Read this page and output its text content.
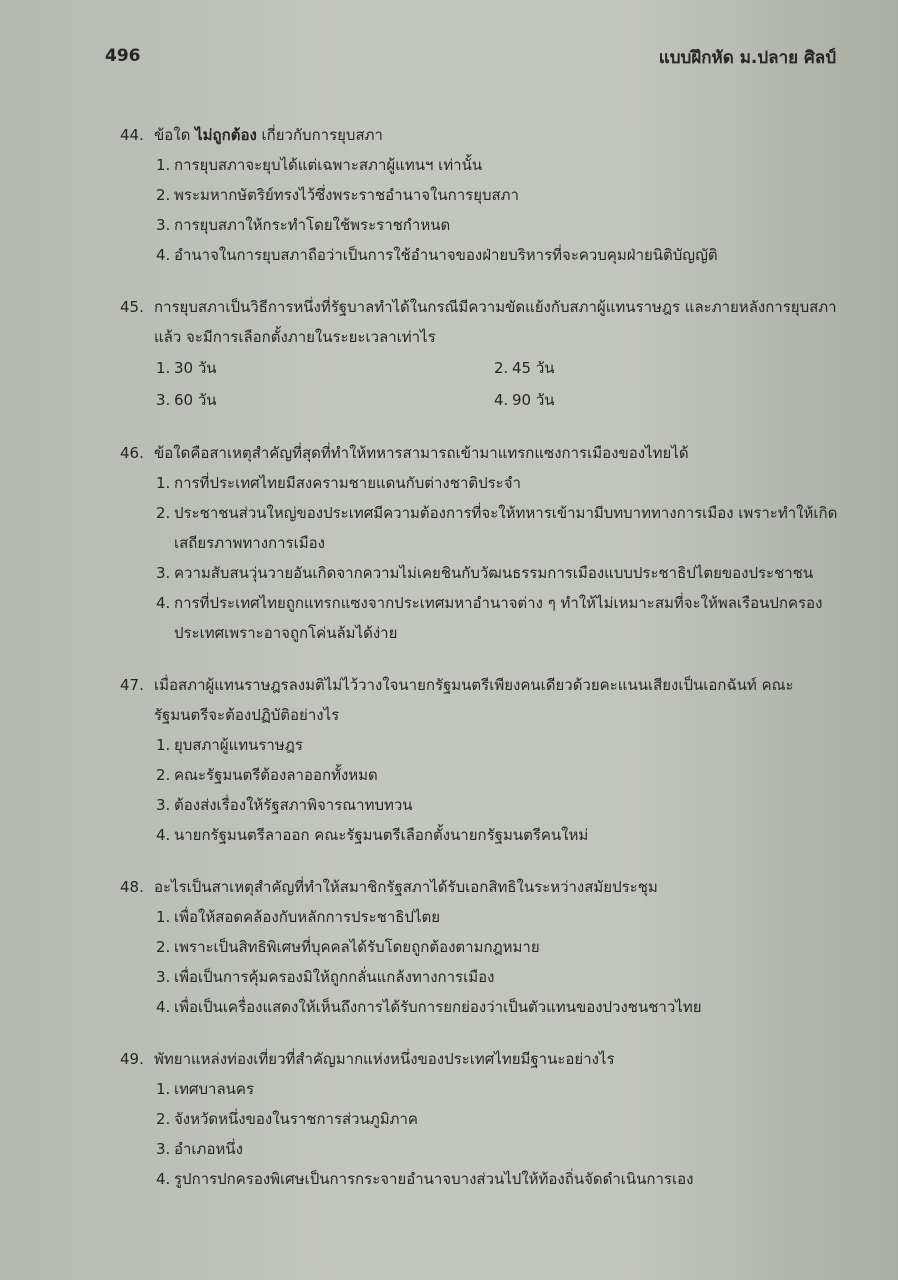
496	แบบฝึกหัด ม.ปลาย ศิลป์
44. ข้อใด ไม่ถูกต้อง เกี่ยวกับการยุบสภา
1. การยุบสภาจะยุบได้แต่เฉพาะสภาผู้แทนฯ เท่านั้น
2. พระมหากษัตริย์ทรงไว้ซึ่งพระราชอำนาจในการยุบสภา
3. การยุบสภาให้กระทำโดยใช้พระราชกำหนด
4. อำนาจในการยุบสภาถือว่าเป็นการใช้อำนาจของฝ่ายบริหารที่จะควบคุมฝ่ายนิติบัญญัติ
45. การยุบสภาเป็นวิธีการหนึ่งที่รัฐบาลทำได้ในกรณีมีความขัดแย้งกับสภาผู้แทนราษฎร และภายหลังการยุบสภาแล้ว จะมีการเลือกตั้งภายในระยะเวลาเท่าไร
1. 30 วัน	2. 45 วัน
3. 60 วัน	4. 90 วัน
46. ข้อใดคือสาเหตุสำคัญที่สุดที่ทำให้ทหารสามารถเข้ามาแทรกแซงการเมืองของไทยได้
1. การที่ประเทศไทยมีสงครามชายแดนกับต่างชาติประจำ
2. ประชาชนส่วนใหญ่ของประเทศมีความต้องการที่จะให้ทหารเข้ามามีบทบาททางการเมือง เพราะทำให้เกิดเสถียรภาพทางการเมือง
3. ความสับสนวุ่นวายอันเกิดจากความไม่เคยชินกับวัฒนธรรมการเมืองแบบประชาธิปไตยของประชาชน
4. การที่ประเทศไทยถูกแทรกแซงจากประเทศมหาอำนาจต่าง ๆ ทำให้ไม่เหมาะสมที่จะให้พลเรือนปกครองประเทศเพราะอาจถูกโค่นล้มได้ง่าย
47. เมื่อสภาผู้แทนราษฎรลงมติไม่ไว้วางใจนายกรัฐมนตรีเพียงคนเดียวด้วยคะแนนเสียงเป็นเอกฉันท์ คณะรัฐมนตรีจะต้องปฏิบัติอย่างไร
1. ยุบสภาผู้แทนราษฎร
2. คณะรัฐมนตรีต้องลาออกทั้งหมด
3. ต้องส่งเรื่องให้รัฐสภาพิจารณาทบทวน
4. นายกรัฐมนตรีลาออก คณะรัฐมนตรีเลือกตั้งนายกรัฐมนตรีคนใหม่
48. อะไรเป็นสาเหตุสำคัญที่ทำให้สมาชิกรัฐสภาได้รับเอกสิทธิในระหว่างสมัยประชุม
1. เพื่อให้สอดคล้องกับหลักการประชาธิปไตย
2. เพราะเป็นสิทธิพิเศษที่บุคคลได้รับโดยถูกต้องตามกฎหมาย
3. เพื่อเป็นการคุ้มครองมิให้ถูกกลั่นแกล้งทางการเมือง
4. เพื่อเป็นเครื่องแสดงให้เห็นถึงการได้รับการยกย่องว่าเป็นตัวแทนของปวงชนชาวไทย
49. พัทยาแหล่งท่องเที่ยวที่สำคัญมากแห่งหนึ่งของประเทศไทยมีฐานะอย่างไร
1. เทศบาลนคร
2. จังหวัดหนึ่งของในราชการส่วนภูมิภาค
3. อำเภอหนึ่ง
4. รูปการปกครองพิเศษเป็นการกระจายอำนาจบางส่วนไปให้ท้องถิ่นจัดดำเนินการเอง
